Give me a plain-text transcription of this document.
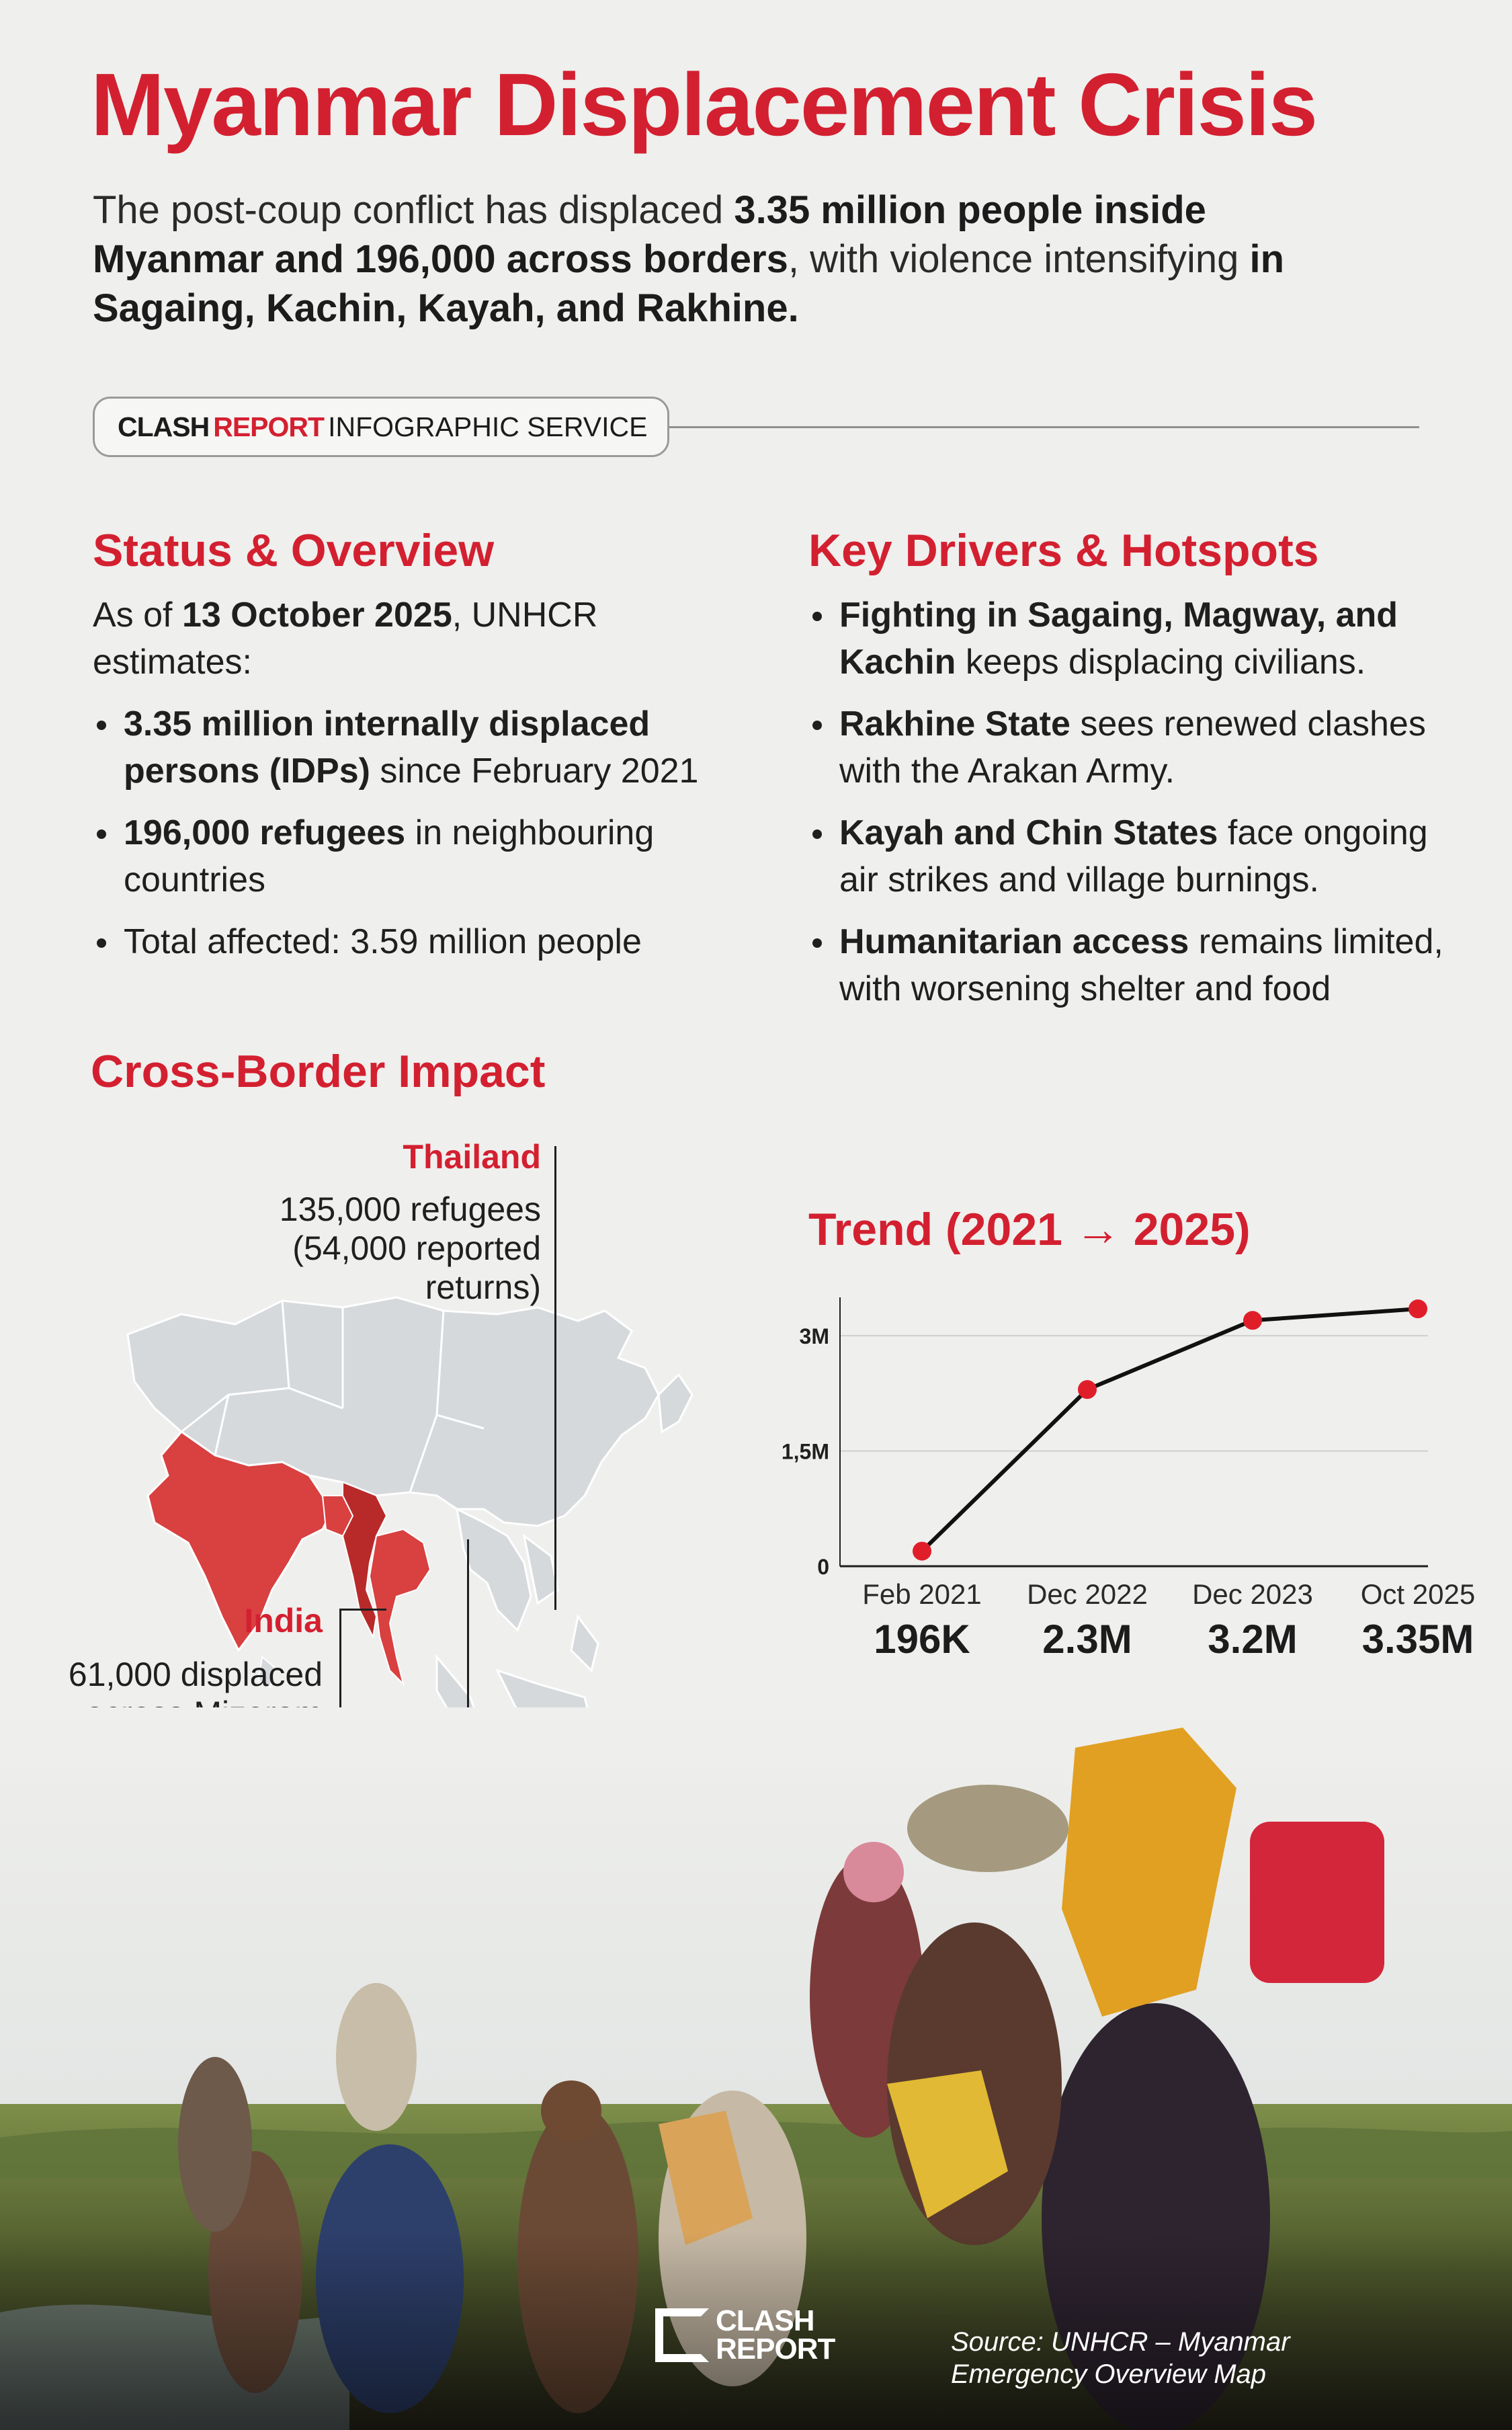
Myanmar Displacement Crisis
The post-coup conflict has displaced 3.35 million people inside Myanmar and 196,000 across borders, with violence intensifying in Sagaing, Kachin, Kayah, and Rakhine.
CLASH REPORT INFOGRAPHIC SERVICE
Status & Overview
As of 13 October 2025, UNHCR estimates:
3.35 million internally displaced persons (IDPs) since February 2021
196,000 refugees in neighbouring countries
Total affected: 3.59 million people
Key Drivers & Hotspots
Fighting in Sagaing, Magway, and Kachin keeps displacing civilians.
Rakhine State sees renewed clashes with the Arakan Army.
Kayah and Chin States face ongoing air strikes and village burnings.
Humanitarian access remains limited, with worsening shelter and food
Cross-Border Impact
Thailand
135,000 refugees
(54,000 reported
returns)
India
61,000 displaced
Trend (2021 → 2025)
0
1,5M
3M
Feb 2021
196K
Dec 2022
2.3M
Dec 2023
3.2M
Oct 2025
3.35M
CLASH
REPORT	Source: UNHCR – Myanmar
Emergency Overview Map
